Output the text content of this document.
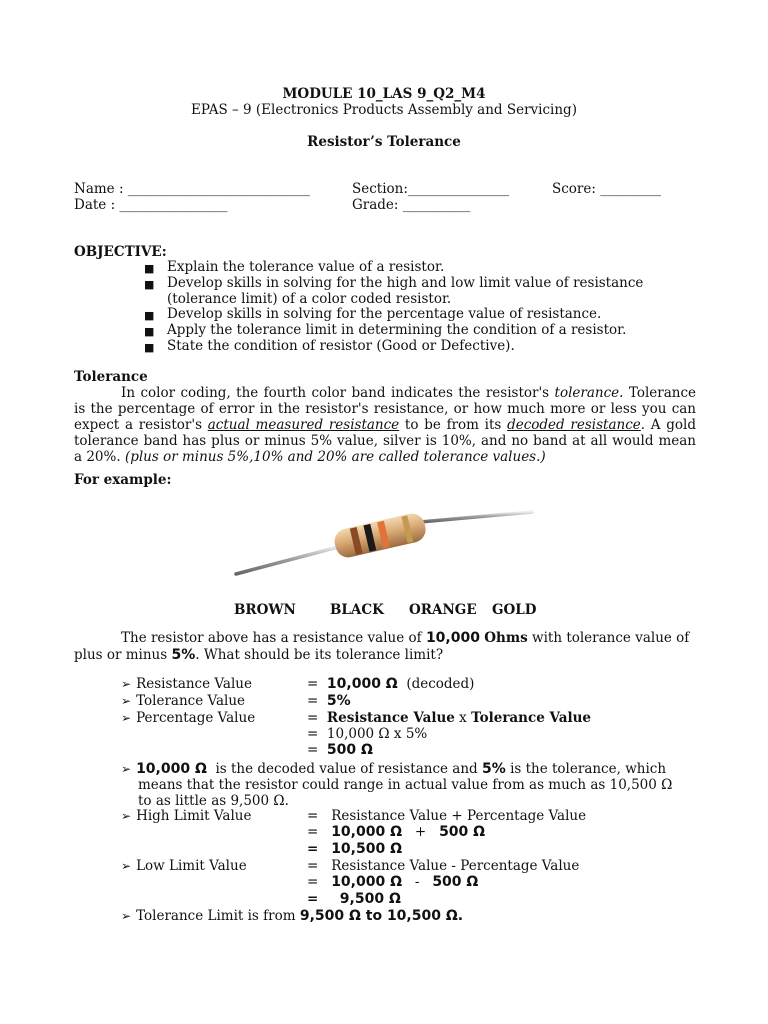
MODULE 10_LAS 9_Q2_M4
EPAS – 9 (Electronics Products Assembly and Servicing)
Resistor’s Tolerance
Name : ___________________________	Section:_______________	Score: _________
Date : ________________	Grade: __________
OBJECTIVE:
■ Explain the tolerance value of a resistor.
■ Develop skills in solving for the high and low limit value of resistance
(tolerance limit) of a color coded resistor.
■ Develop skills in solving for the percentage value of resistance.
■ Apply the tolerance limit in determining the condition of a resistor.
■ State the condition of resistor (Good or Defective).
Tolerance
In color coding, the fourth color band indicates the resistor's tolerance. Tolerance is the percentage of error in the resistor's resistance, or how much more or less you can expect a resistor's actual measured resistance to be from its decoded resistance. A gold tolerance band has plus or minus 5% value, silver is 10%, and no band at all would mean a 20%. (plus or minus 5%,10% and 20% are called tolerance values.)
For example:
BROWN	BLACK ORANGE GOLD
The resistor above has a resistance value of 10,000 Ohms with tolerance value of
plus or minus 5%. What should be its tolerance limit?
➢ Resistance Value	= 10,000 Ω (decoded)
➢ Tolerance Value	= 5%
➢ Percentage Value	= Resistance Value x Tolerance Value
= 10,000 Ω x 5%
= 500 Ω
➢ 10,000 Ω is the decoded value of resistance and 5% is the tolerance, which
means that the resistor could range in actual value from as much as 10,500 Ω
to as little as 9,500 Ω.
➢ High Limit Value	= Resistance Value + Percentage Value
= 10,000 Ω + 500 Ω
= 10,500 Ω
➢ Low Limit Value	= Resistance Value - Percentage Value
= 10,000 Ω - 500 Ω
= 9,500 Ω
➢ Tolerance Limit is from 9,500 Ω to 10,500 Ω.
